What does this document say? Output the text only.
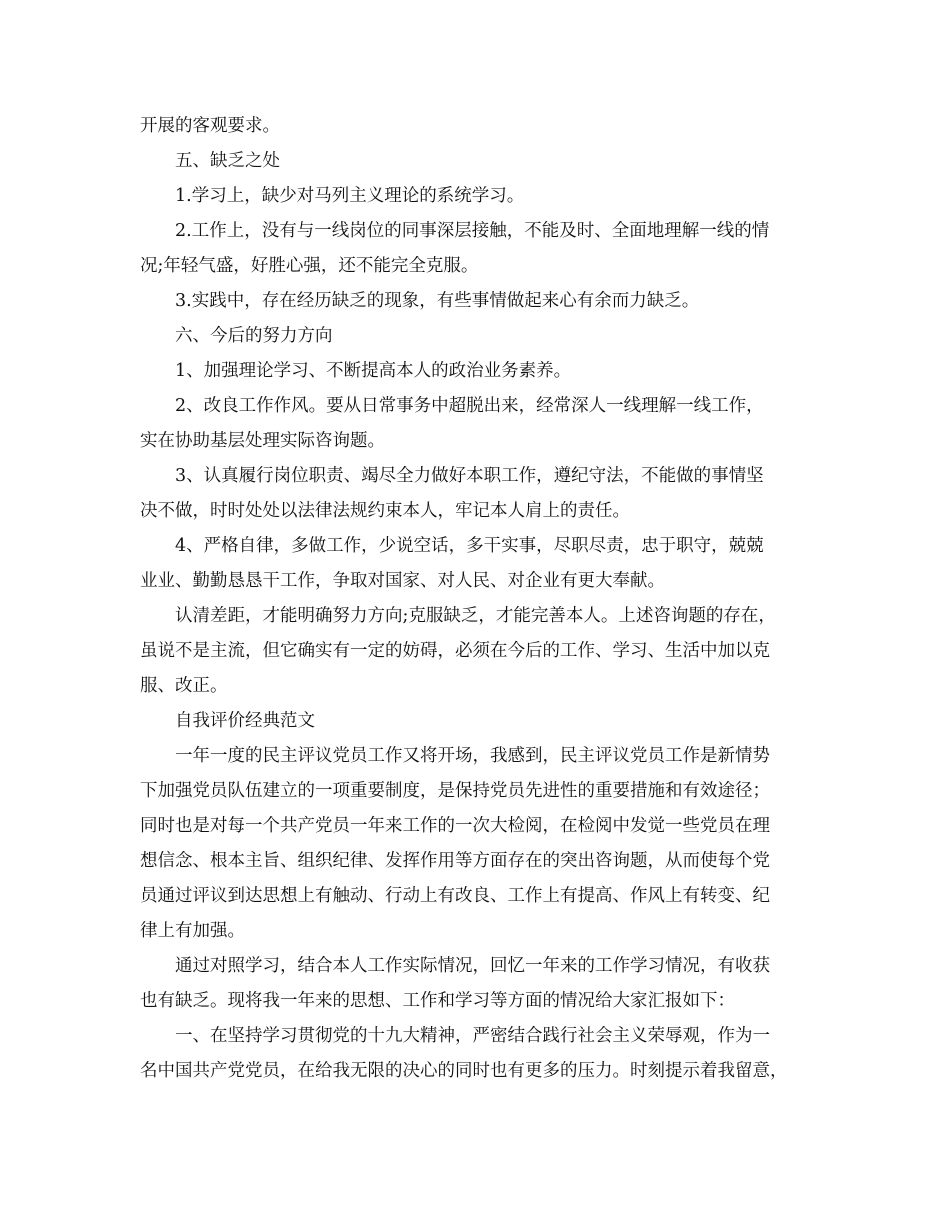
开展的客观要求。
五、缺乏之处
1.学习上，缺少对马列主义理论的系统学习。
2.工作上，没有与一线岗位的同事深层接触，不能及时、全面地理解一线的情
况;年轻气盛，好胜心强，还不能完全克服。
3.实践中，存在经历缺乏的现象，有些事情做起来心有余而力缺乏。
六、今后的努力方向
1、加强理论学习、不断提高本人的政治业务素养。
2、改良工作作风。要从日常事务中超脱出来，经常深人一线理解一线工作，
实在协助基层处理实际咨询题。
3、认真履行岗位职责、竭尽全力做好本职工作，遵纪守法，不能做的事情坚
决不做，时时处处以法律法规约束本人，牢记本人肩上的责任。
4、严格自律，多做工作，少说空话，多干实事，尽职尽责，忠于职守，兢兢
业业、勤勤恳恳干工作，争取对国家、对人民、对企业有更大奉献。
认清差距，才能明确努力方向;克服缺乏，才能完善本人。上述咨询题的存在，
虽说不是主流，但它确实有一定的妨碍，必须在今后的工作、学习、生活中加以克
服、改正。
自我评价经典范文
一年一度的民主评议党员工作又将开场，我感到，民主评议党员工作是新情势
下加强党员队伍建立的一项重要制度，是保持党员先进性的重要措施和有效途径；
同时也是对每一个共产党员一年来工作的一次大检阅，在检阅中发觉一些党员在理
想信念、根本主旨、组织纪律、发挥作用等方面存在的突出咨询题，从而使每个党
员通过评议到达思想上有触动、行动上有改良、工作上有提高、作风上有转变、纪
律上有加强。
通过对照学习，结合本人工作实际情况，回忆一年来的工作学习情况，有收获
也有缺乏。现将我一年来的思想、工作和学习等方面的情况给大家汇报如下：
一、在坚持学习贯彻党的十九大精神，严密结合践行社会主义荣辱观，作为一
名中国共产党党员，在给我无限的决心的同时也有更多的压力。时刻提示着我留意，
